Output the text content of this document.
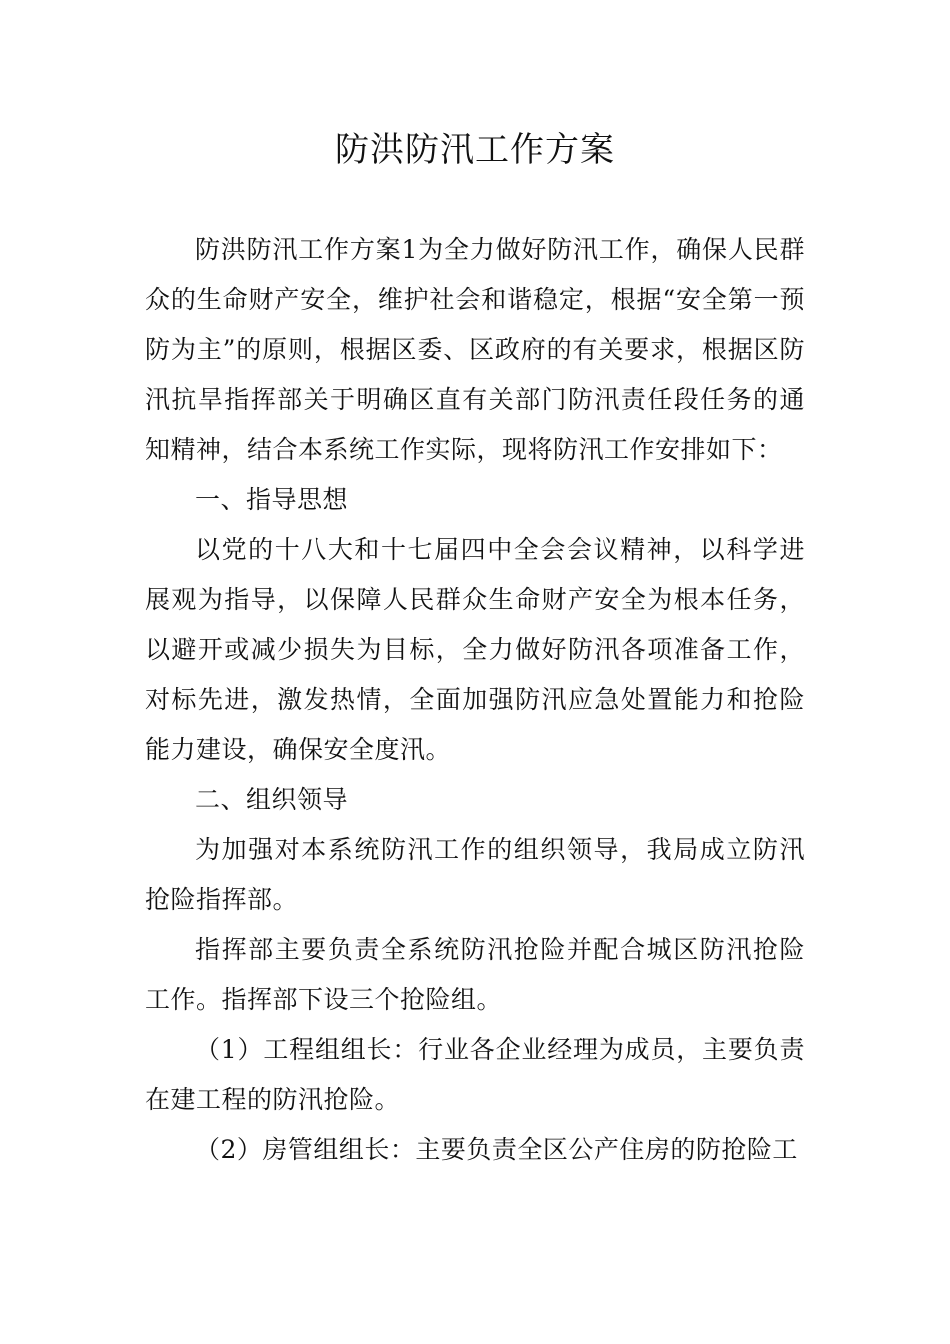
防洪防汛工作方案

防洪防汛工作方案1为全力做好防汛工作，确保人民群众的生命财产安全，维护社会和谐稳定，根据“安全第一预防为主”的原则，根据区委、区政府的有关要求，根据区防汛抗旱指挥部关于明确区直有关部门防汛责任段任务的通知精神，结合本系统工作实际，现将防汛工作安排如下：

一、指导思想

以党的十八大和十七届四中全会会议精神，以科学进展观为指导，以保障人民群众生命财产安全为根本任务，以避开或减少损失为目标，全力做好防汛各项准备工作，对标先进，激发热情，全面加强防汛应急处置能力和抢险能力建设，确保安全度汛。

二、组织领导

为加强对本系统防汛工作的组织领导，我局成立防汛抢险指挥部。

指挥部主要负责全系统防汛抢险并配合城区防汛抢险工作。指挥部下设三个抢险组。

（1）工程组组长：行业各企业经理为成员，主要负责在建工程的防汛抢险。

（2）房管组组长：主要负责全区公产住房的防抢险工
